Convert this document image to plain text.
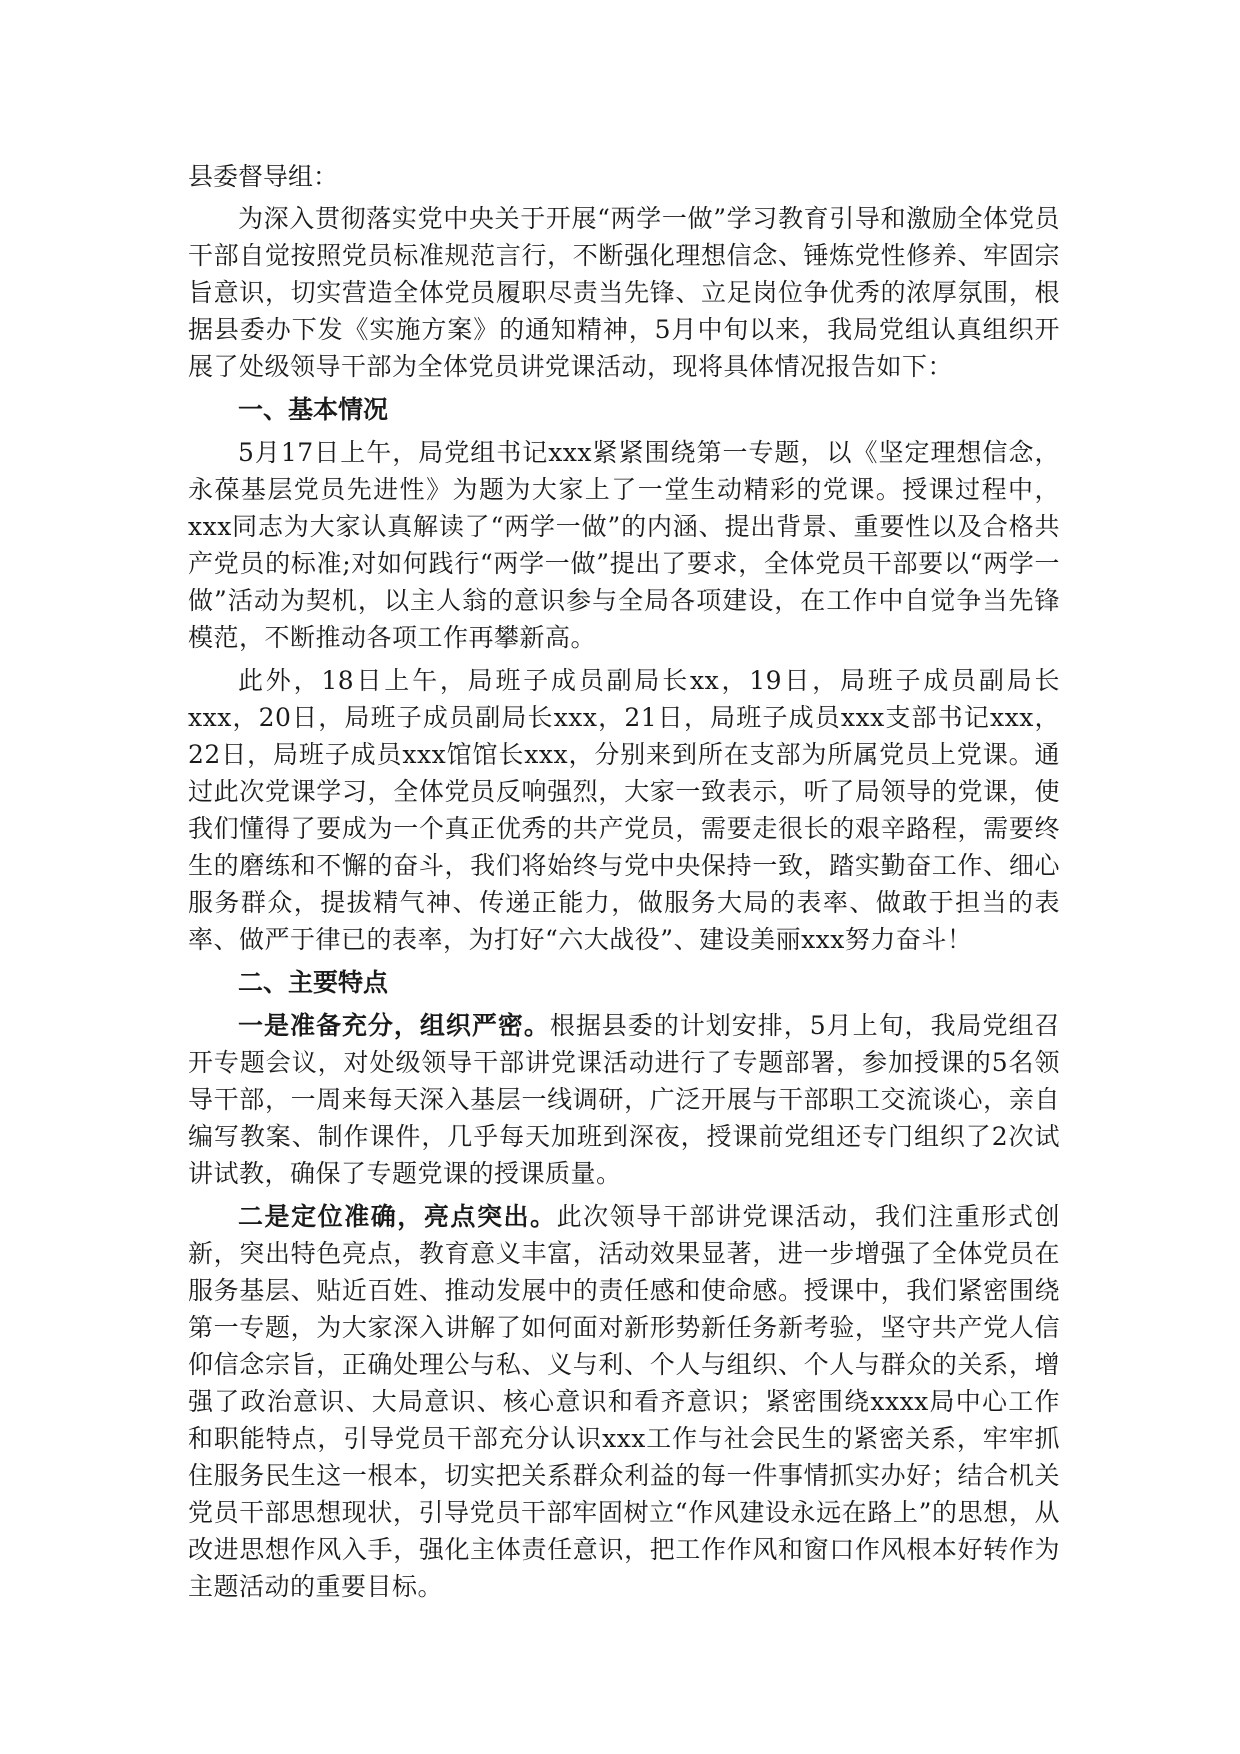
县委督导组：

为深入贯彻落实党中央关于开展“两学一做”学习教育引导和激励全体党员干部自觉按照党员标准规范言行，不断强化理想信念、锤炼党性修养、牢固宗旨意识，切实营造全体党员履职尽责当先锋、立足岗位争优秀的浓厚氛围，根据县委办下发《实施方案》的通知精神，5月中旬以来，我局党组认真组织开展了处级领导干部为全体党员讲党课活动，现将具体情况报告如下：

一、基本情况

5月17日上午，局党组书记xxx紧紧围绕第一专题，以《坚定理想信念，永葆基层党员先进性》为题为大家上了一堂生动精彩的党课。授课过程中，xxx同志为大家认真解读了“两学一做”的内涵、提出背景、重要性以及合格共产党员的标准;对如何践行“两学一做”提出了要求，全体党员干部要以“两学一做”活动为契机，以主人翁的意识参与全局各项建设，在工作中自觉争当先锋模范，不断推动各项工作再攀新高。

此外，18日上午，局班子成员副局长xx，19日，局班子成员副局长xxx，20日，局班子成员副局长xxx，21日，局班子成员xxx支部书记xxx，22日，局班子成员xxx馆馆长xxx，分别来到所在支部为所属党员上党课。通过此次党课学习，全体党员反响强烈，大家一致表示，听了局领导的党课，使我们懂得了要成为一个真正优秀的共产党员，需要走很长的艰辛路程，需要终生的磨练和不懈的奋斗，我们将始终与党中央保持一致，踏实勤奋工作、细心服务群众，提拔精气神、传递正能力，做服务大局的表率、做敢于担当的表率、做严于律已的表率，为打好“六大战役”、建设美丽xxx努力奋斗！

二、主要特点

一是准备充分，组织严密。根据县委的计划安排，5月上旬，我局党组召开专题会议，对处级领导干部讲党课活动进行了专题部署，参加授课的5名领导干部，一周来每天深入基层一线调研，广泛开展与干部职工交流谈心，亲自编写教案、制作课件，几乎每天加班到深夜，授课前党组还专门组织了2次试讲试教，确保了专题党课的授课质量。

二是定位准确，亮点突出。此次领导干部讲党课活动，我们注重形式创新，突出特色亮点，教育意义丰富，活动效果显著，进一步增强了全体党员在服务基层、贴近百姓、推动发展中的责任感和使命感。授课中，我们紧密围绕第一专题，为大家深入讲解了如何面对新形势新任务新考验，坚守共产党人信仰信念宗旨，正确处理公与私、义与利、个人与组织、个人与群众的关系，增强了政治意识、大局意识、核心意识和看齐意识；紧密围绕xxxx局中心工作和职能特点，引导党员干部充分认识xxx工作与社会民生的紧密关系，牢牢抓住服务民生这一根本，切实把关系群众利益的每一件事情抓实办好；结合机关党员干部思想现状，引导党员干部牢固树立“作风建设永远在路上”的思想，从改进思想作风入手，强化主体责任意识，把工作作风和窗口作风根本好转作为主题活动的重要目标。
